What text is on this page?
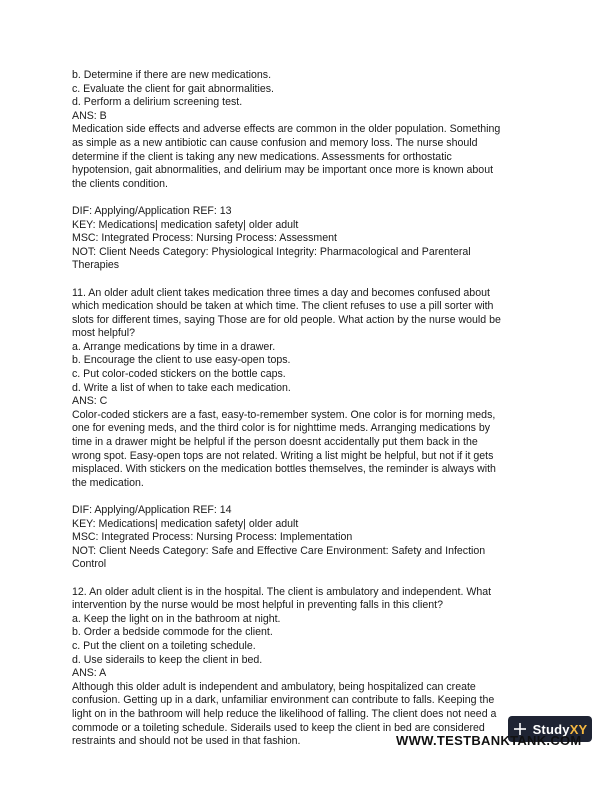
b. Determine if there are new medications.
c. Evaluate the client for gait abnormalities.
d. Perform a delirium screening test.
ANS: B
Medication side effects and adverse effects are common in the older population. Something
as simple as a new antibiotic can cause confusion and memory loss. The nurse should
determine if the client is taking any new medications. Assessments for orthostatic
hypotension, gait abnormalities, and delirium may be important once more is known about
the clients condition.
DIF: Applying/Application REF: 13
KEY: Medications| medication safety| older adult
MSC: Integrated Process: Nursing Process: Assessment
NOT: Client Needs Category: Physiological Integrity: Pharmacological and Parenteral
Therapies
11. An older adult client takes medication three times a day and becomes confused about
which medication should be taken at which time. The client refuses to use a pill sorter with
slots for different times, saying Those are for old people. What action by the nurse would be
most helpful?
a. Arrange medications by time in a drawer.
b. Encourage the client to use easy-open tops.
c. Put color-coded stickers on the bottle caps.
d. Write a list of when to take each medication.
ANS: C
Color-coded stickers are a fast, easy-to-remember system. One color is for morning meds,
one for evening meds, and the third color is for nighttime meds. Arranging medications by
time in a drawer might be helpful if the person doesnt accidentally put them back in the
wrong spot. Easy-open tops are not related. Writing a list might be helpful, but not if it gets
misplaced. With stickers on the medication bottles themselves, the reminder is always with
the medication.
DIF: Applying/Application REF: 14
KEY: Medications| medication safety| older adult
MSC: Integrated Process: Nursing Process: Implementation
NOT: Client Needs Category: Safe and Effective Care Environment: Safety and Infection
Control
12. An older adult client is in the hospital. The client is ambulatory and independent. What
intervention by the nurse would be most helpful in preventing falls in this client?
a. Keep the light on in the bathroom at night.
b. Order a bedside commode for the client.
c. Put the client on a toileting schedule.
d. Use siderails to keep the client in bed.
ANS: A
Although this older adult is independent and ambulatory, being hospitalized can create
confusion. Getting up in a dark, unfamiliar environment can contribute to falls. Keeping the
light on in the bathroom will help reduce the likelihood of falling. The client does not need a
commode or a toileting schedule. Siderails used to keep the client in bed are considered
restraints and should not be used in that fashion.
Study XY
WWW.TESTBANKTANK.COM
